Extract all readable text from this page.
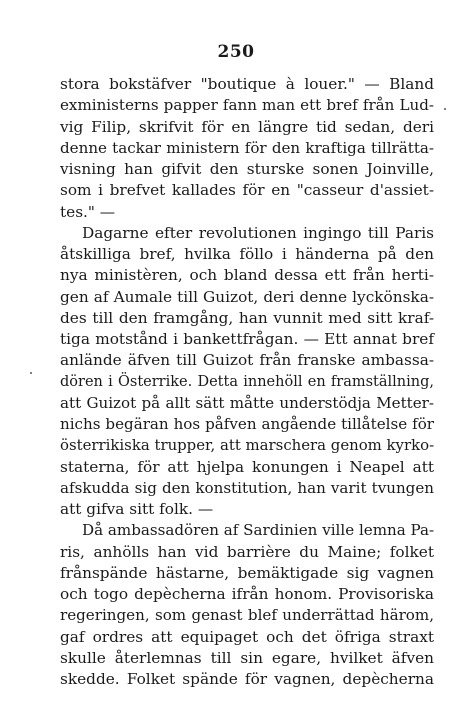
250
stora bokstäfver "boutique à louer." — Bland
exministerns papper fann man ett bref från Lud-
vig Filip, skrifvit för en längre tid sedan, deri
denne tackar ministern för den kraftiga tillrätta-
visning han gifvit den sturske sonen Joinville,
som i brefvet kallades för en "casseur d'assiet-
tes." —
Dagarne efter revolutionen ingingo till Paris
åtskilliga bref, hvilka föllo i händerna på den
nya ministèren, och bland dessa ett från herti-
gen af Aumale till Guizot, deri denne lyckönska-
des till den framgång, han vunnit med sitt kraf-
tiga motstånd i bankettfrågan. — Ett annat bref
anlände äfven till Guizot från franske ambassa-
dören i Österrike. Detta innehöll en framställning,
att Guizot på allt sätt måtte understödja Metter-
nichs begäran hos påfven angående tillåtelse för
österrikiska trupper, att marschera genom kyrko-
staterna, för att hjelpa konungen i Neapel att
afskudda sig den konstitution, han varit tvungen
att gifva sitt folk. —
Då ambassadören af Sardinien ville lemna Pa-
ris, anhölls han vid barrière du Maine; folket
frånspände hästarne, bemäktigade sig vagnen
och togo depècherna ifrån honom. Provisoriska
regeringen, som genast blef underrättad härom,
gaf ordres att equipaget och det öfriga straxt
skulle återlemnas till sin egare, hvilket äfven
skedde. Folket spände för vagnen, depècherna
